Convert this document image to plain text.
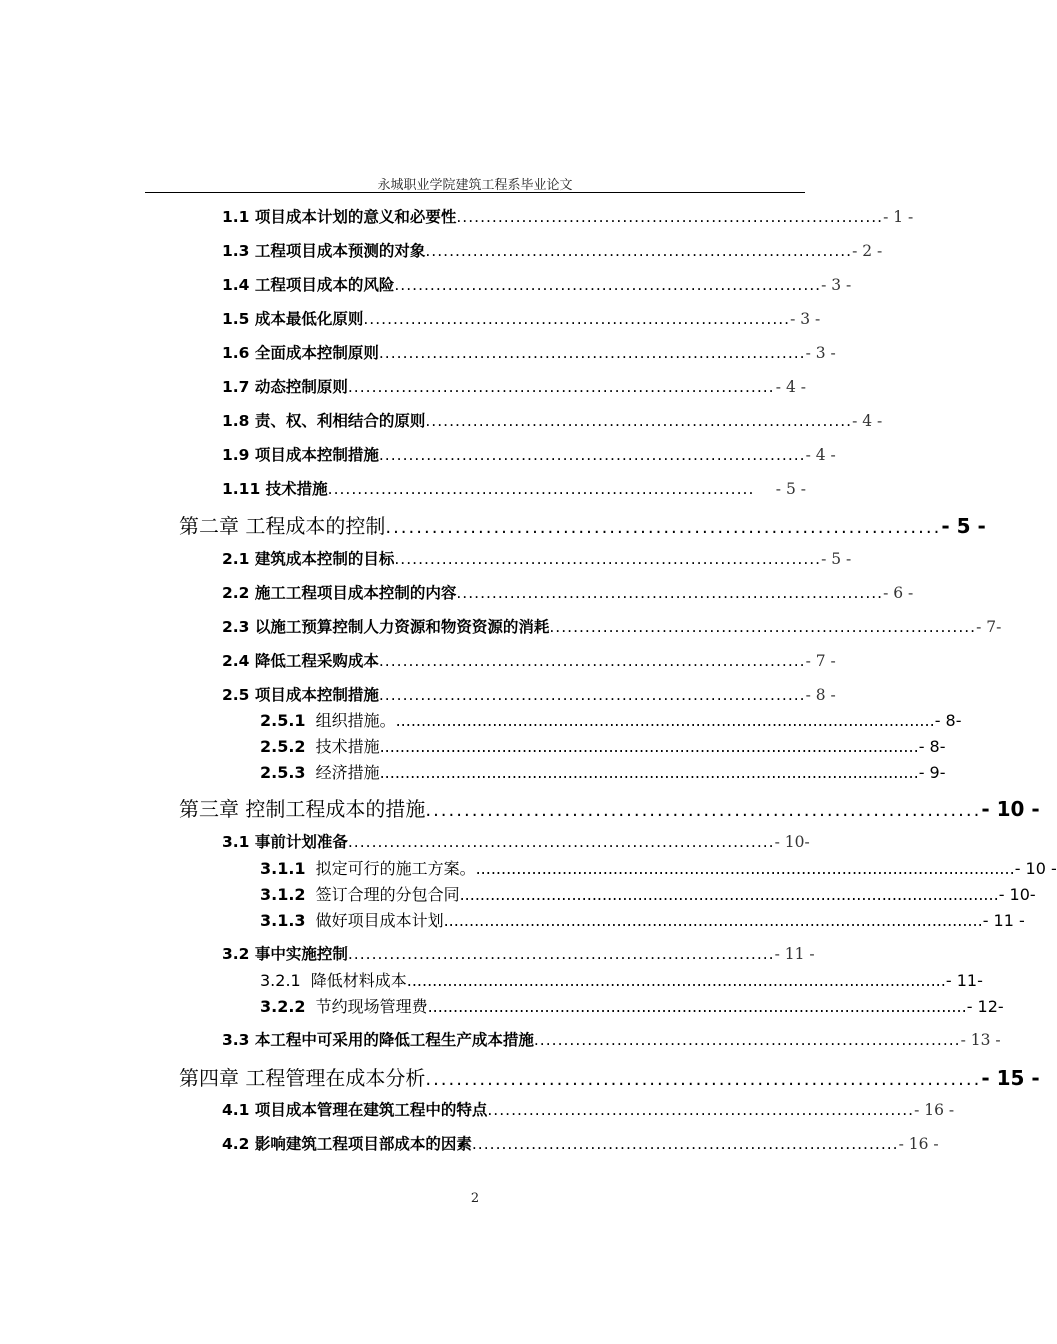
永城职业学院建筑工程系毕业论文
1.1 项目成本计划的意义和必要性 ........................................................................ - 1 -
1.3 工程项目成本预测的对象 ........................................................................ - 2 -
1.4 工程项目成本的风险 ........................................................................ - 3 -
1.5 成本最低化原则 ........................................................................ - 3 -
1.6 全面成本控制原则 ........................................................................ - 3 -
1.7 动态控制原则 ........................................................................ - 4 -
1.8 责、权、利相结合的原则 ........................................................................ - 4 -
1.9 项目成本控制措施 ........................................................................ - 4 -
1.11 技术措施 ........................................................................	- 5 -
第二章 工程成本的控制 ........................................................................ - 5 -
2.1 建筑成本控制的目标 ........................................................................ - 5 -
2.2 施工工程项目成本控制的内容 ........................................................................ - 6 -
2.3 以施工预算控制人力资源和物资资源的消耗 ........................................................................ - 7-
2.4 降低工程采购成本 ........................................................................ - 7 -
2.5 项目成本控制措施 ........................................................................ - 8 -
2.5.1 组织措施。 .......................................................................................................... - 8-
2.5.2 技术措施 .......................................................................................................... - 8-
2.5.3 经济措施 .......................................................................................................... - 9-
第三章 控制工程成本的措施 ........................................................................ - 10 -
3.1 事前计划准备 ........................................................................ - 10-
3.1.1 拟定可行的施工方案。 .......................................................................................................... - 10 -
3.1.2 签订合理的分包合同 .......................................................................................................... - 10-
3.1.3 做好项目成本计划 .......................................................................................................... - 11 -
3.2 事中实施控制 ........................................................................ - 11 -
3.2.1 降低材料成本 .......................................................................................................... - 11-
3.2.2 节约现场管理费 .......................................................................................................... - 12-
3.3 本工程中可采用的降低工程生产成本措施 ........................................................................ - 13 -
第四章 工程管理在成本分析 ........................................................................ - 15 -
4.1 项目成本管理在建筑工程中的特点 ........................................................................ - 16 -
4.2 影响建筑工程项目部成本的因素 ........................................................................ - 16 -
2
